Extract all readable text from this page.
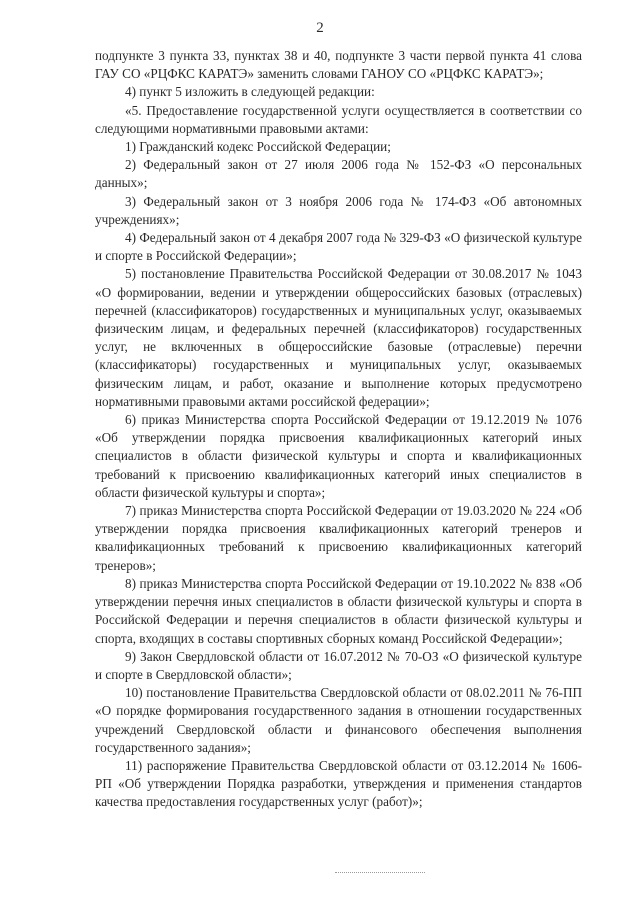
2

подпункте 3 пункта 33, пунктах 38 и 40, подпункте 3 части первой пункта 41 слова ГАУ СО «РЦФКС КАРАТЭ» заменить словами ГАНОУ СО «РЦФКС КАРАТЭ»;

4) пункт 5 изложить в следующей редакции:

«5. Предоставление государственной услуги осуществляется в соответствии со следующими нормативными правовыми актами:

1) Гражданский кодекс Российской Федерации;

2) Федеральный закон от 27 июля 2006 года № 152-ФЗ «О персональных данных»;

3) Федеральный закон от 3 ноября 2006 года № 174-ФЗ «Об автономных учреждениях»;

4) Федеральный закон от 4 декабря 2007 года № 329-ФЗ «О физической культуре и спорте в Российской Федерации»;

5) постановление Правительства Российской Федерации от 30.08.2017 № 1043 «О формировании, ведении и утверждении общероссийских базовых (отраслевых) перечней (классификаторов) государственных и муниципальных услуг, оказываемых физическим лицам, и федеральных перечней (классификаторов) государственных услуг, не включенных в общероссийские базовые (отраслевые) перечни (классификаторы) государственных и муниципальных услуг, оказываемых физическим лицам, и работ, оказание и выполнение которых предусмотрено нормативными правовыми актами российской федерации»;

6) приказ Министерства спорта Российской Федерации от 19.12.2019 № 1076 «Об утверждении порядка присвоения квалификационных категорий иных специалистов в области физической культуры и спорта и квалификационных требований к присвоению квалификационных категорий иных специалистов в области физической культуры и спорта»;

7) приказ Министерства спорта Российской Федерации от 19.03.2020 № 224 «Об утверждении порядка присвоения квалификационных категорий тренеров и квалификационных требований к присвоению квалификационных категорий тренеров»;

8) приказ Министерства спорта Российской Федерации от 19.10.2022 № 838 «Об утверждении перечня иных специалистов в области физической культуры и спорта в Российской Федерации и перечня специалистов в области физической культуры и спорта, входящих в составы спортивных сборных команд Российской Федерации»;

9) Закон Свердловской области от 16.07.2012 № 70-ОЗ «О физической культуре и спорте в Свердловской области»;

10) постановление Правительства Свердловской области от 08.02.2011 № 76-ПП «О порядке формирования государственного задания в отношении государственных учреждений Свердловской области и финансового обеспечения выполнения государственного задания»;

11) распоряжение Правительства Свердловской области от 03.12.2014 № 1606-РП «Об утверждении Порядка разработки, утверждения и применения стандартов качества предоставления государственных услуг (работ)»;
